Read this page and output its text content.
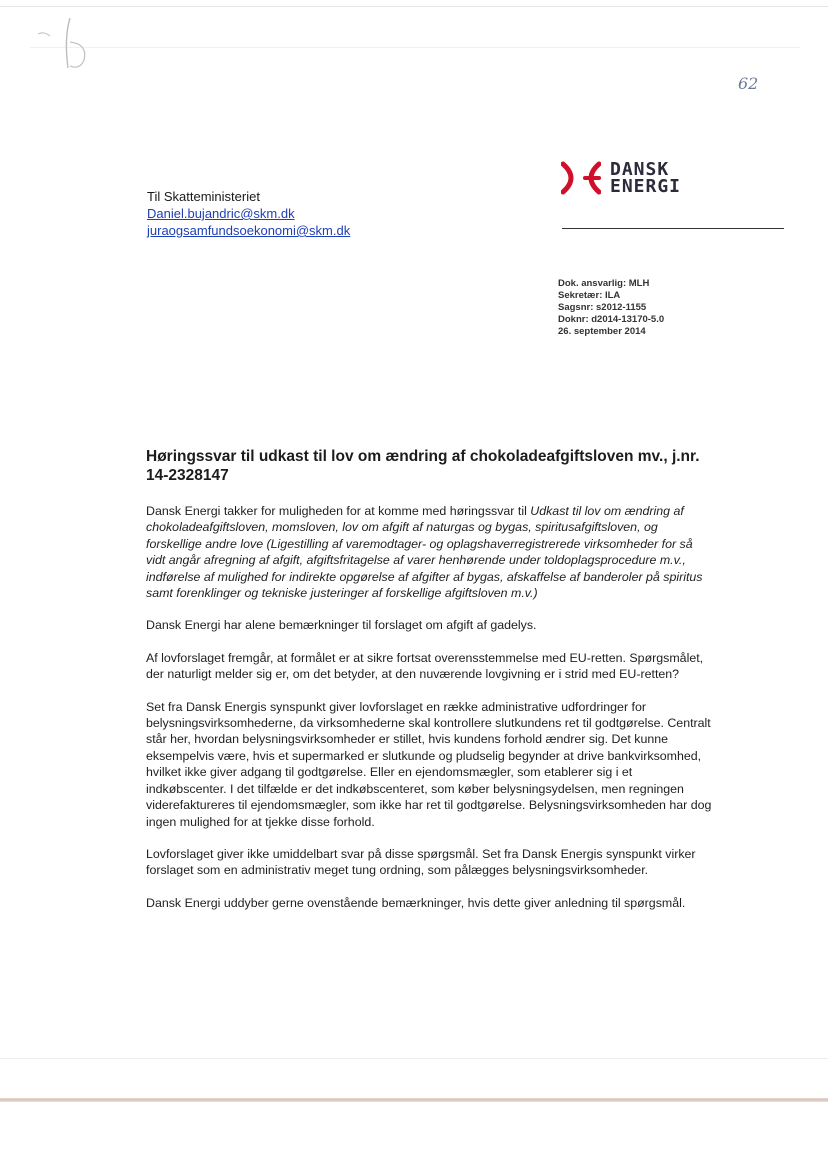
62
DANSK
ENERGI
Til Skatteministeriet
Daniel.bujandric@skm.dk
juraogsamfundsoekonomi@skm.dk
Dok. ansvarlig: MLH
Sekretær: ILA
Sagsnr: s2012-1155
Doknr: d2014-13170-5.0
26. september 2014
Høringssvar til udkast til lov om ændring af chokoladeafgiftsloven mv., j.nr. 14-2328147

Dansk Energi takker for muligheden for at komme med høringssvar til Udkast til lov om ændring af chokoladeafgiftsloven, momsloven, lov om afgift af naturgas og bygas, spiritusafgiftsloven, og forskellige andre love (Ligestilling af varemodtager- og oplagshaverregistrerede virksomheder for så vidt angår afregning af afgift, afgiftsfritagelse af varer henhørende under toldoplagsprocedure m.v., indførelse af mulighed for indirekte opgørelse af afgifter af bygas, afskaffelse af banderoler på spiritus samt forenklinger og tekniske justeringer af forskellige afgiftsloven m.v.)

Dansk Energi har alene bemærkninger til forslaget om afgift af gadelys.

Af lovforslaget fremgår, at formålet er at sikre fortsat overensstemmelse med EU-retten. Spørgsmålet, der naturligt melder sig er, om det betyder, at den nuværende lovgivning er i strid med EU-retten?

Set fra Dansk Energis synspunkt giver lovforslaget en række administrative udfordringer for belysningsvirksomhederne, da virksomhederne skal kontrollere slutkundens ret til godtgørelse. Centralt står her, hvordan belysningsvirksomheder er stillet, hvis kundens forhold ændrer sig. Det kunne eksempelvis være, hvis et supermarked er slutkunde og pludselig begynder at drive bankvirksomhed, hvilket ikke giver adgang til godtgørelse. Eller en ejendomsmægler, som etablerer sig i et indkøbscenter. I det tilfælde er det indkøbscenteret, som køber belysningsydelsen, men regningen viderefaktureres til ejendomsmægler, som ikke har ret til godtgørelse. Belysningsvirksomheden har dog ingen mulighed for at tjekke disse forhold.

Lovforslaget giver ikke umiddelbart svar på disse spørgsmål. Set fra Dansk Energis synspunkt virker forslaget som en administrativ meget tung ordning, som pålægges belysningsvirksomheder.

Dansk Energi uddyber gerne ovenstående bemærkninger, hvis dette giver anledning til spørgsmål.
